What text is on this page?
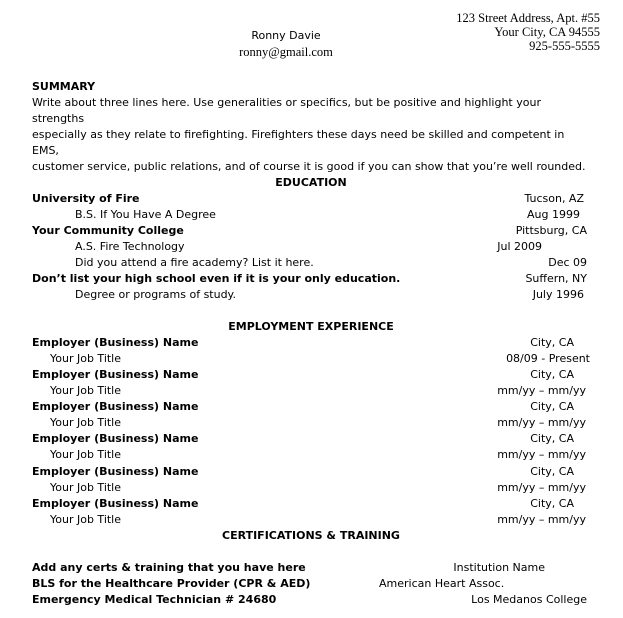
Ronny Davie
ronny@gmail.com
123 Street Address, Apt. #55
Your City, CA 94555
925-555-5555
SUMMARY
Write about three lines here. Use generalities or specifics, but be positive and highlight your strengths
especially as they relate to firefighting. Firefighters these days need be skilled and competent in EMS,
customer service, public relations, and of course it is good if you can show that you’re well rounded.
EDUCATION
University of Fire	Tucson, AZ
B.S. If You Have A Degree	Aug 1999
Your Community College	Pittsburg, CA
A.S. Fire Technology	Jul 2009
Did you attend a fire academy? List it here.	Dec 09
Don’t list your high school even if it is your only education.	Suffern, NY
Degree or programs of study.	July 1996
EMPLOYMENT EXPERIENCE
Employer (Business) Name	City, CA
Your Job Title	08/09 - Present
Employer (Business) Name	City, CA
Your Job Title	mm/yy – mm/yy
Employer (Business) Name	City, CA
Your Job Title	mm/yy – mm/yy
Employer (Business) Name	City, CA
Your Job Title	mm/yy – mm/yy
Employer (Business) Name	City, CA
Your Job Title	mm/yy – mm/yy
Employer (Business) Name	City, CA
Your Job Title	mm/yy – mm/yy
CERTIFICATIONS & TRAINING
Add any certs & training that you have here	Institution Name
BLS for the Healthcare Provider (CPR & AED)	American Heart Assoc.
Emergency Medical Technician # 24680	Los Medanos College
